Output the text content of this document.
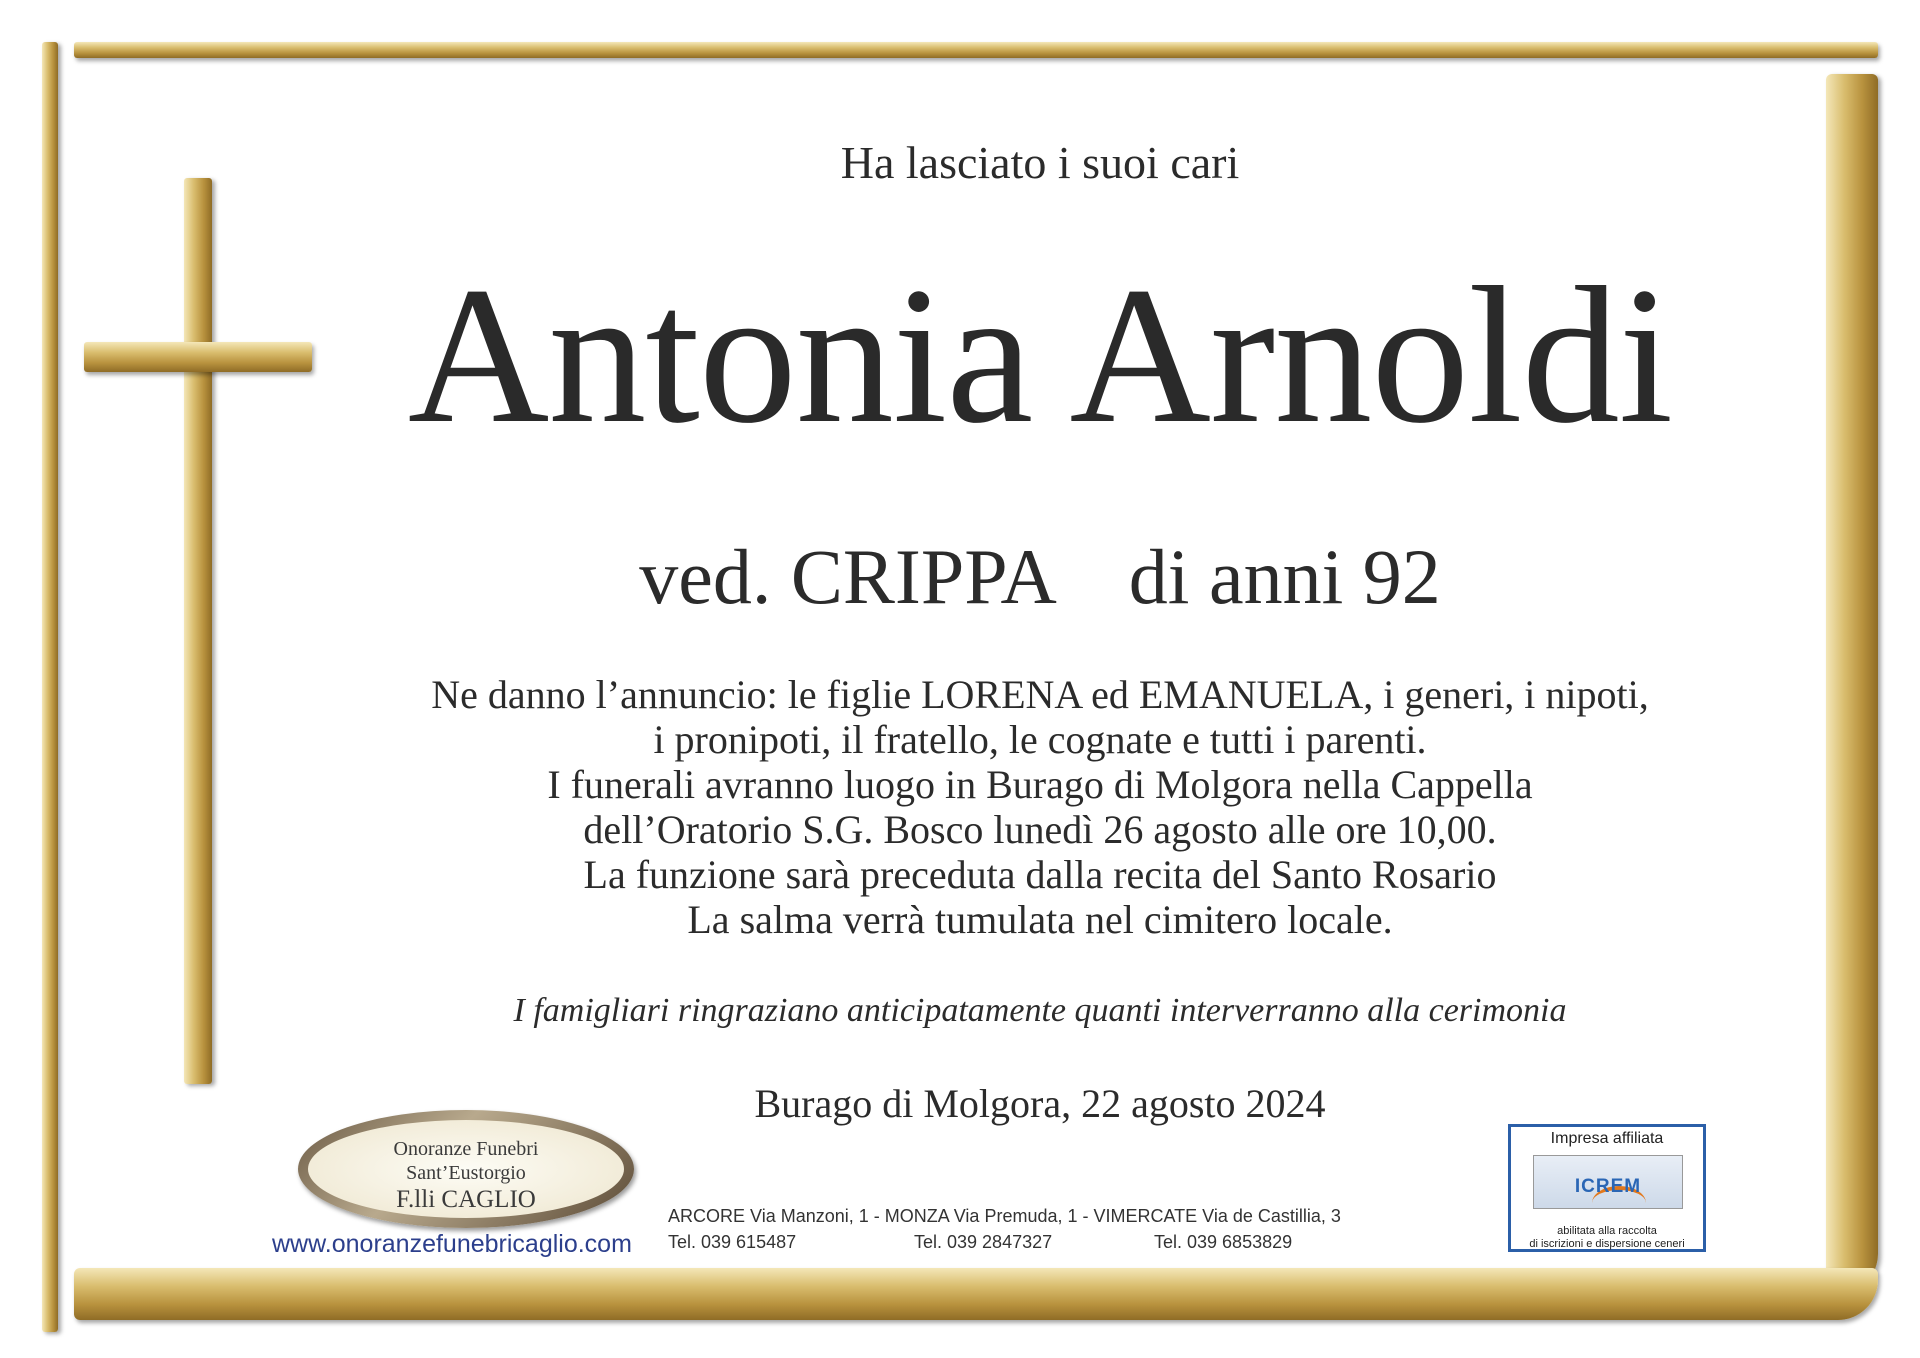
Ha lasciato i suoi cari

Antonia Arnoldi

ved. CRIPPA di anni 92

Ne danno l’annuncio: le figlie LORENA ed EMANUELA, i generi, i nipoti,
i pronipoti, il fratello, le cognate e tutti i parenti.
I funerali avranno luogo in Burago di Molgora nella Cappella
dell’Oratorio S.G. Bosco lunedì 26 agosto alle ore 10,00.
La funzione sarà preceduta dalla recita del Santo Rosario
La salma verrà tumulata nel cimitero locale.

I famigliari ringraziano anticipatamente quanti interverranno alla cerimonia

Burago di Molgora, 22 agosto 2024

Onoranze Funebri
Sant’Eustorgio
F.lli CAGLIO
www.onoranzefunebricaglio.com
ARCORE Via Manzoni, 1 - MONZA Via Premuda, 1 - VIMERCATE Via de Castillia, 3
Tel. 039 615487	Tel. 039 2847327	Tel. 039 6853829
Impresa affiliata
ICREM
abilitata alla raccolta
di iscrizioni e dispersione ceneri
